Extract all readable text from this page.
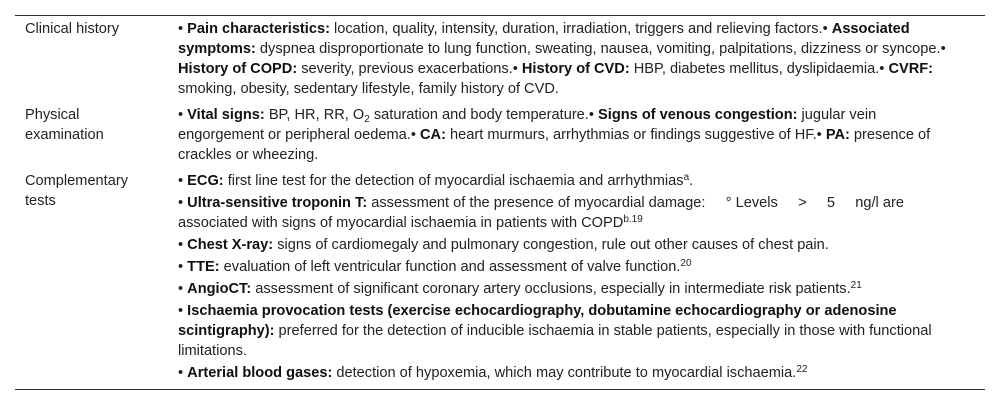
Clinical history	• Pain characteristics: location, quality, intensity, duration, irradiation, triggers and relieving factors.• Associated symptoms: dyspnea disproportionate to lung function, sweating, nausea, vomiting, palpitations, dizziness or syncope.• History of COPD: severity, previous exacerbations.• History of CVD: HBP, diabetes mellitus, dyslipidaemia.• CVRF: smoking, obesity, sedentary lifestyle, family history of CVD.
Physical
examination
• Vital signs: BP, HR, RR, $O_2$ saturation and body temperature.• Signs of venous congestion: jugular vein engorgement or peripheral oedema.• CA: heart murmurs, arrhythmias or findings suggestive of HF.• PA: presence of crackles or wheezing.
Complementary
tests
• ECG: first line test for the detection of myocardial ischaemia and arrhythmias$^a$.
• Ultra-sensitive troponin T: assessment of the presence of myocardial damage:     ° Levels     >     5     ng/l are associated with signs of myocardial ischaemia in patients with $COPD^{b.19}$
• Chest X-ray: signs of cardiomegaly and pulmonary congestion, rule out other causes of chest pain.
• TTE: evaluation of left ventricular function and assessment of valve function.$^{20}$
• AngioCT: assessment of significant coronary artery occlusions, especially in intermediate risk patients.$^{21}$
• Ischaemia provocation tests (exercise echocardiography, dobutamine echocardiography or adenosine scintigraphy): preferred for the detection of inducible ischaemia in stable patients, especially in those with functional limitations.
• Arterial blood gases: detection of hypoxemia, which may contribute to myocardial ischaemia.$^{22}$
